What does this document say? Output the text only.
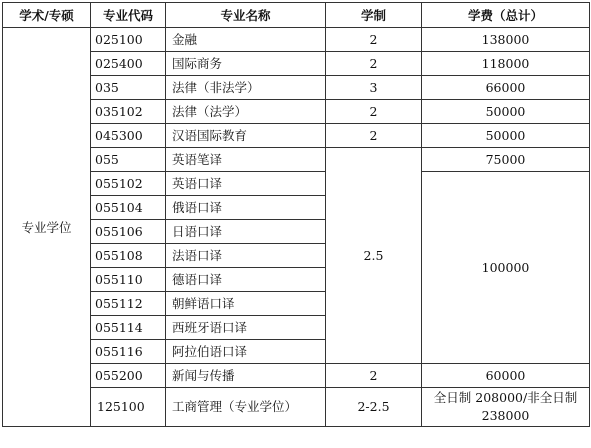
学术/专硕	专业代码	专业名称	学制	学费（总计）
专业学位	025100	金融	2	138000
	025400	国际商务	2	118000
	035	法律（非法学）	3	66000
	035102	法律（法学）	2	50000
	045300	汉语国际教育	2	50000
	055	英语笔译	2.5	75000
	055102	英语口译		100000
	055104	俄语口译		
	055106	日语口译		
	055108	法语口译		
	055110	德语口译		
	055112	朝鲜语口译		
	055114	西班牙语口译		
	055116	阿拉伯语口译		
	055200	新闻与传播	2	60000
	125100	工商管理（专业学位）	2-2.5	全日制 208000/非全日制 238000
